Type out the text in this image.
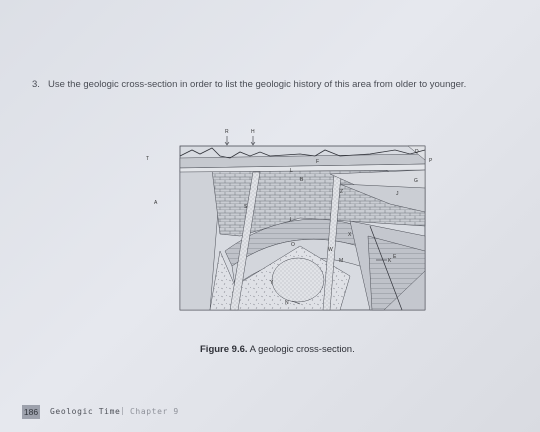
3. Use the geologic cross-section in order to list the geologic history of this area from older to younger.
R	H
T	P
D
F
L
G
A
B
Z	J
S
I
X
O
W
M
E
K
Y
N
Figure 9.6. A geologic cross-section.
186 Geologic Time | Chapter 9
